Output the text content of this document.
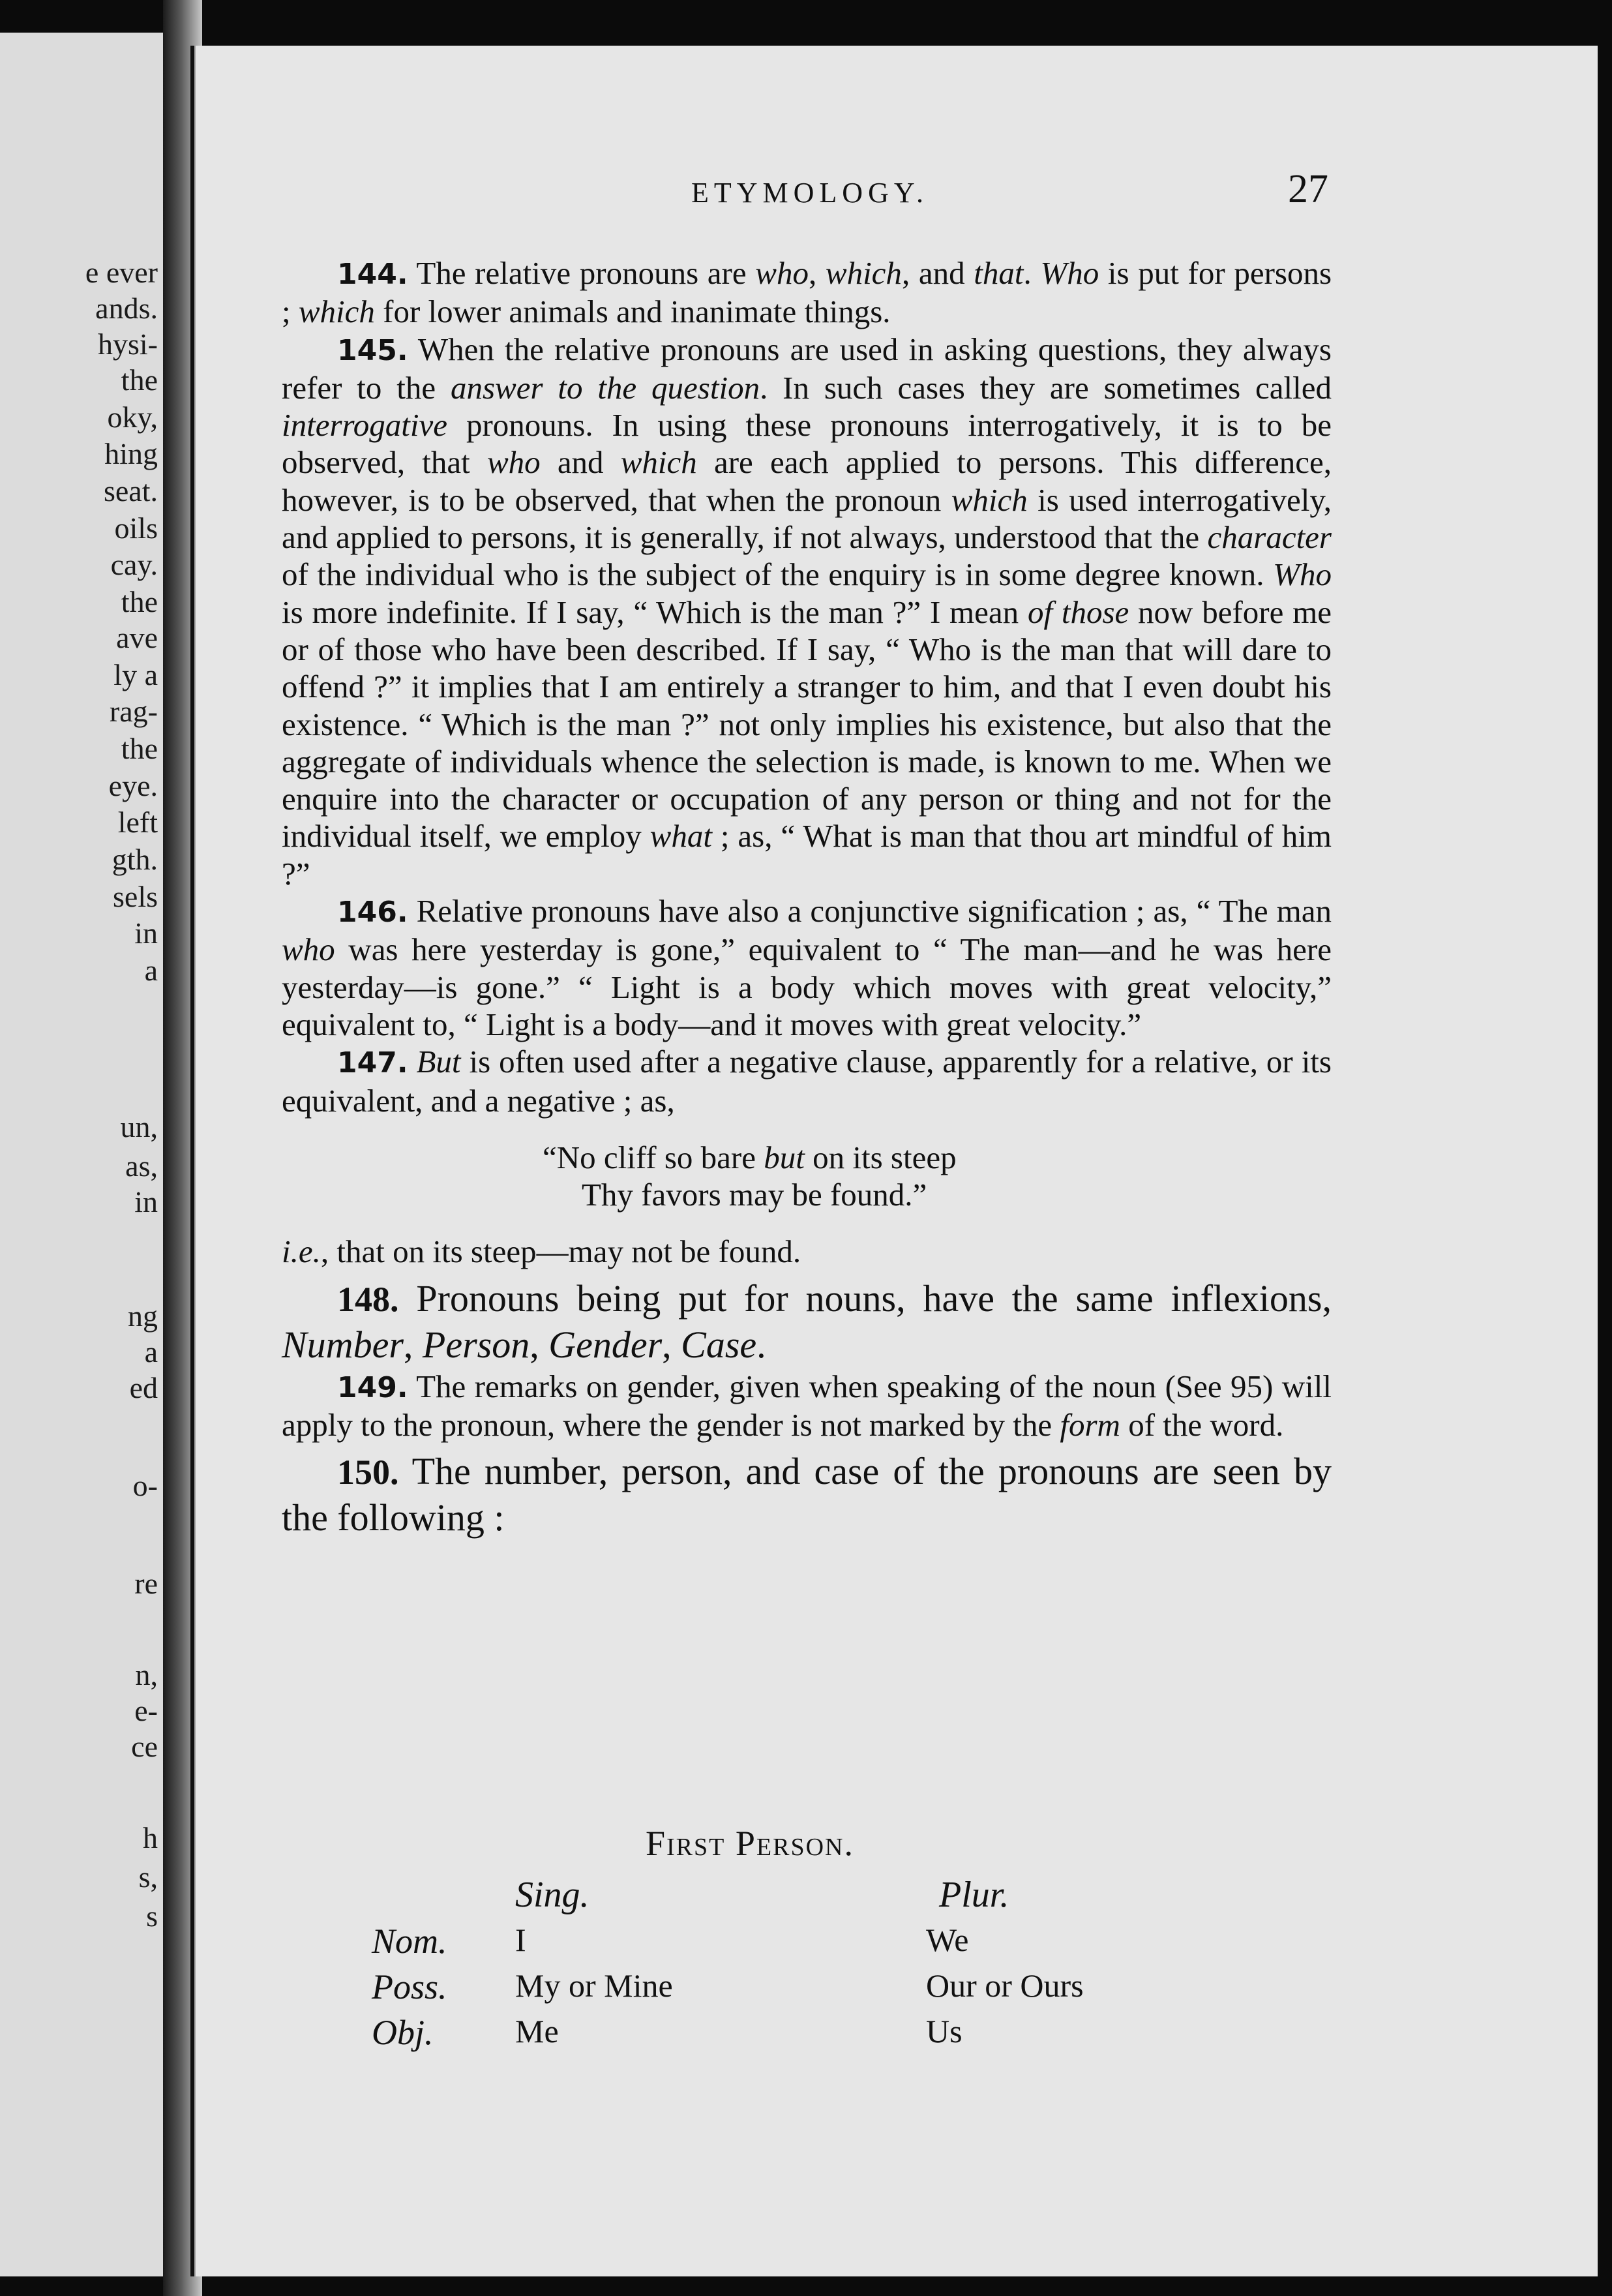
e ever
ands.
hysi-
the
oky,
hing
seat.
oils
cay.
the
ave
ly a
rag-
the
eye.
left
gth.
sels
in
a
un,
as,
in
ng
a
ed
o-
re
n,
e-
ce
h
s,
s
ETYMOLOGY.	27

144. The relative pronouns are who, which, and that. Who is put for persons ; which for lower animals and inanimate things.

145. When the relative pronouns are used in asking questions, they always refer to the answer to the question. In such cases they are sometimes called interrogative pronouns. In using these pronouns interrogatively, it is to be observed, that who and which are each applied to persons. This difference, however, is to be observed, that when the pronoun which is used interrogatively, and applied to persons, it is generally, if not always, understood that the character of the individual who is the subject of the enquiry is in some degree known. Who is more indefinite. If I say, “ Which is the man ?” I mean of those now before me or of those who have been described. If I say, “ Who is the man that will dare to offend ?” it implies that I am entirely a stranger to him, and that I even doubt his existence. “ Which is the man ?” not only implies his existence, but also that the aggregate of individuals whence the selection is made, is known to me. When we enquire into the character or occupation of any person or thing and not for the individual itself, we employ what ; as, “ What is man that thou art mindful of him ?”

146. Relative pronouns have also a conjunctive signification ; as, “ The man who was here yesterday is gone,” equivalent to “ The man—and he was here yesterday—is gone.” “ Light is a body which moves with great velocity,” equivalent to, “ Light is a body—and it moves with great velocity.”

147. But is often used after a negative clause, apparently for a relative, or its equivalent, and a negative ; as,

“No cliff so bare but on its steep
Thy favors may be found.”

i.e., that on its steep—may not be found.

148. Pronouns being put for nouns, have the same inflexions, Number, Person, Gender, Case.

149. The remarks on gender, given when speaking of the noun (See 95) will apply to the pronoun, where the gender is not marked by the form of the word.

150. The number, person, and case of the pronouns are seen by the following :

First Person.
Sing.	Plur.
Nom. I	We
Poss. My or Mine	Our or Ours
Obj.	Me	Us
